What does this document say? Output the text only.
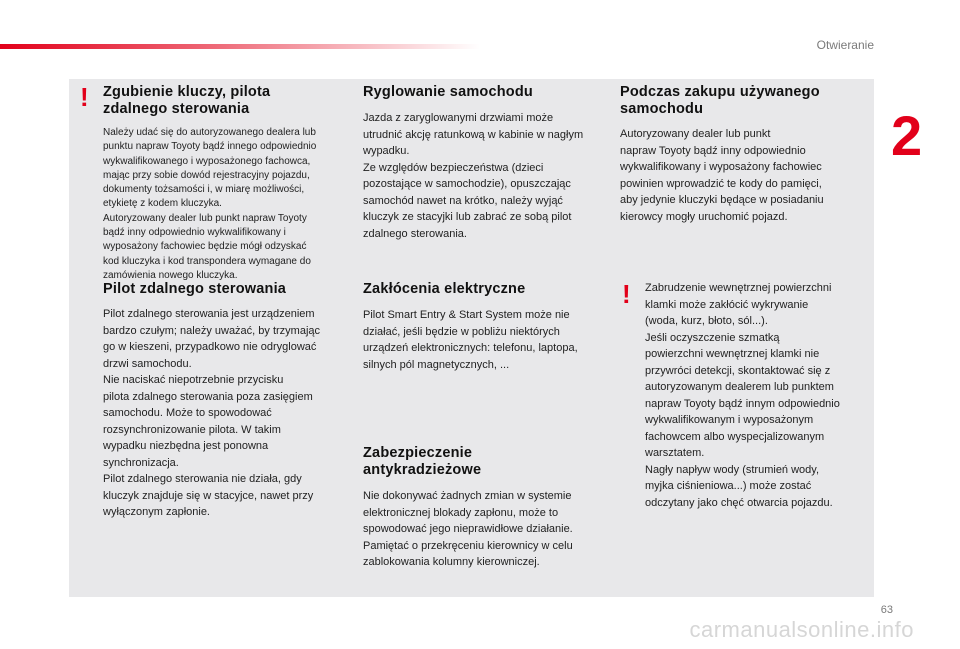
Otwieranie
2
! Zgubienie kluczy, pilota
zdalnego sterowania

Należy udać się do autoryzowanego dealera lub
punktu napraw Toyoty bądź innego odpowiednio
wykwalifikowanego i wyposażonego fachowca,
mając przy sobie dowód rejestracyjny pojazdu,
dokumenty tożsamości i, w miarę możliwości,
etykietę z kodem kluczyka.
Autoryzowany dealer lub punkt napraw Toyoty
bądź inny odpowiednio wykwalifikowany i
wyposażony fachowiec będzie mógł odzyskać
kod kluczyka i kod transpondera wymagane do
zamówienia nowego kluczyka.

Pilot zdalnego sterowania

Pilot zdalnego sterowania jest urządzeniem
bardzo czułym; należy uważać, by trzymając
go w kieszeni, przypadkowo nie odryglować
drzwi samochodu.
Nie naciskać niepotrzebnie przycisku
pilota zdalnego sterowania poza zasięgiem
samochodu. Może to spowodować
rozsynchronizowanie pilota. W takim
wypadku niezbędna jest ponowna
synchronizacja.
Pilot zdalnego sterowania nie działa, gdy
kluczyk znajduje się w stacyjce, nawet przy
wyłączonym zapłonie.

Ryglowanie samochodu

Jazda z zaryglowanymi drzwiami może
utrudnić akcję ratunkową w kabinie w nagłym
wypadku.
Ze względów bezpieczeństwa (dzieci
pozostające w samochodzie), opuszczając
samochód nawet na krótko, należy wyjąć
kluczyk ze stacyjki lub zabrać ze sobą pilot
zdalnego sterowania.

Zakłócenia elektryczne

Pilot Smart Entry & Start System może nie
działać, jeśli będzie w pobliżu niektórych
urządzeń elektronicznych: telefonu, laptopa,
silnych pól magnetycznych, ...

Zabezpieczenie
antykradzieżowe

Nie dokonywać żadnych zmian w systemie
elektronicznej blokady zapłonu, może to
spowodować jego nieprawidłowe działanie.
Pamiętać o przekręceniu kierownicy w celu
zablokowania kolumny kierowniczej.

Podczas zakupu używanego
samochodu

Autoryzowany dealer lub punkt
napraw Toyoty bądź inny odpowiednio
wykwalifikowany i wyposażony fachowiec
powinien wprowadzić te kody do pamięci,
aby jedynie kluczyki będące w posiadaniu
kierowcy mogły uruchomić pojazd.

! Zabrudzenie wewnętrznej powierzchni
klamki może zakłócić wykrywanie
(woda, kurz, błoto, sól...).
Jeśli oczyszczenie szmatką
powierzchni wewnętrznej klamki nie
przywróci detekcji, skontaktować się z
autoryzowanym dealerem lub punktem
napraw Toyoty bądź innym odpowiednio
wykwalifikowanym i wyposażonym
fachowcem albo wyspecjalizowanym
warsztatem.
Nagły napływ wody (strumień wody,
myjka ciśnieniowa...) może zostać
odczytany jako chęć otwarcia pojazdu.

63
carmanualsonline.info
